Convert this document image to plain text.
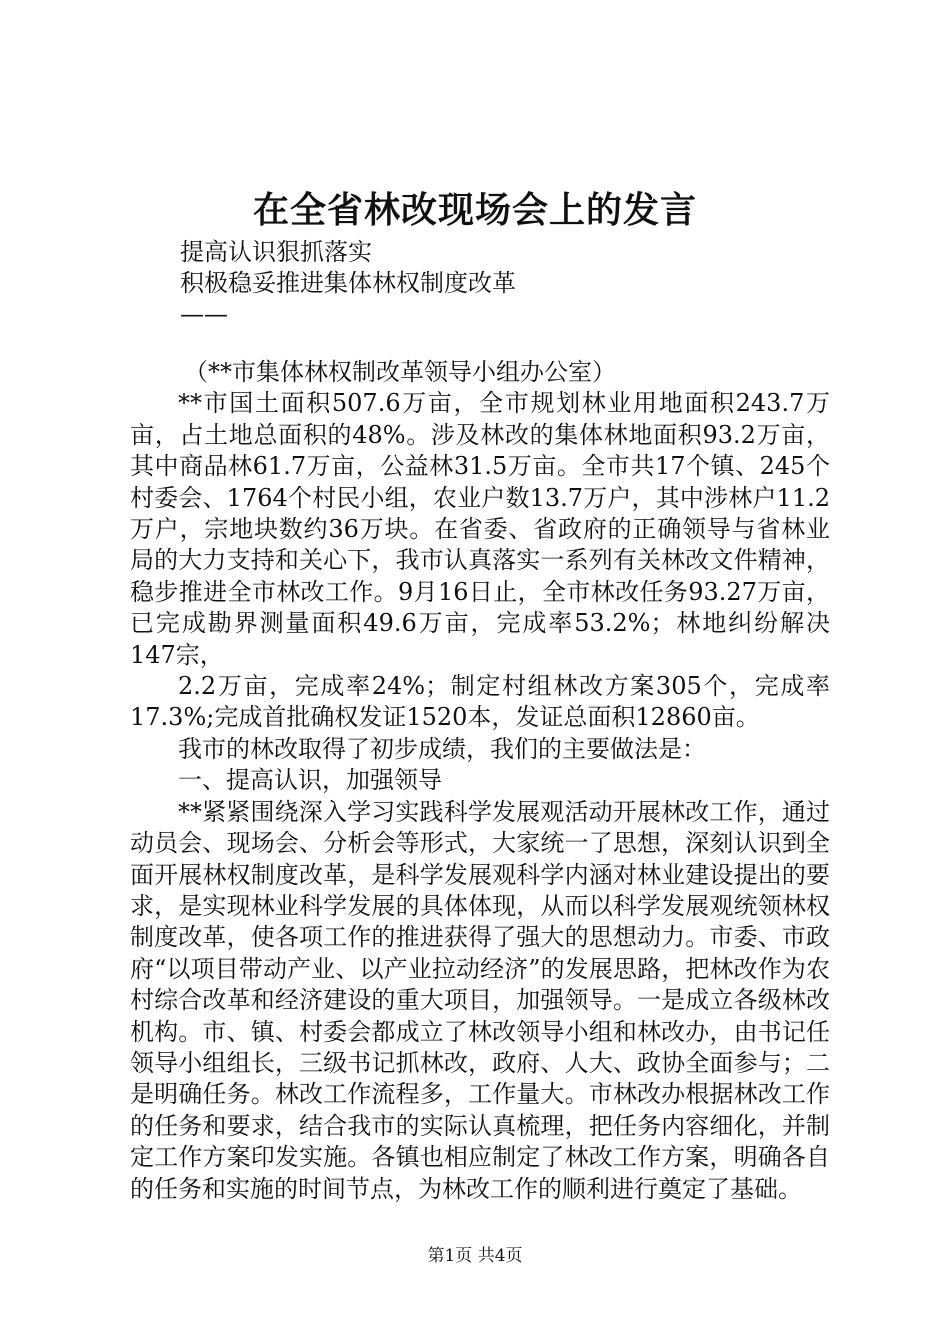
在全省林改现场会上的发言
提高认识狠抓落实
积极稳妥推进集体林权制度改革
——

（**市集体林权制改革领导小组办公室）

**市国土面积507.6万亩，全市规划林业用地面积243.7万亩，占土地总面积的48%。涉及林改的集体林地面积93.2万亩，其中商品林61.7万亩，公益林31.5万亩。全市共17个镇、245个村委会、1764个村民小组，农业户数13.7万户，其中涉林户11.2万户，宗地块数约36万块。在省委、省政府的正确领导与省林业局的大力支持和关心下，我市认真落实一系列有关林改文件精神，稳步推进全市林改工作。9月16日止，全市林改任务93.27万亩，已完成勘界测量面积49.6万亩，完成率53.2%；林地纠纷解决147宗，

2.2万亩，完成率24%；制定村组林改方案305个，完成率17.3%;完成首批确权发证1520本，发证总面积12860亩。

我市的林改取得了初步成绩，我们的主要做法是：

一、提高认识，加强领导

**紧紧围绕深入学习实践科学发展观活动开展林改工作，通过动员会、现场会、分析会等形式，大家统一了思想，深刻认识到全面开展林权制度改革，是科学发展观科学内涵对林业建设提出的要求，是实现林业科学发展的具体体现，从而以科学发展观统领林权制度改革，使各项工作的推进获得了强大的思想动力。市委、市政府“以项目带动产业、以产业拉动经济”的发展思路，把林改作为农村综合改革和经济建设的重大项目，加强领导。一是成立各级林改机构。市、镇、村委会都成立了林改领导小组和林改办，由书记任领导小组组长，三级书记抓林改，政府、人大、政协全面参与；二是明确任务。林改工作流程多，工作量大。市林改办根据林改工作的任务和要求，结合我市的实际认真梳理，把任务内容细化，并制定工作方案印发实施。各镇也相应制定了林改工作方案，明确各自的任务和实施的时间节点，为林改工作的顺利进行奠定了基础。

第1页 共4页
